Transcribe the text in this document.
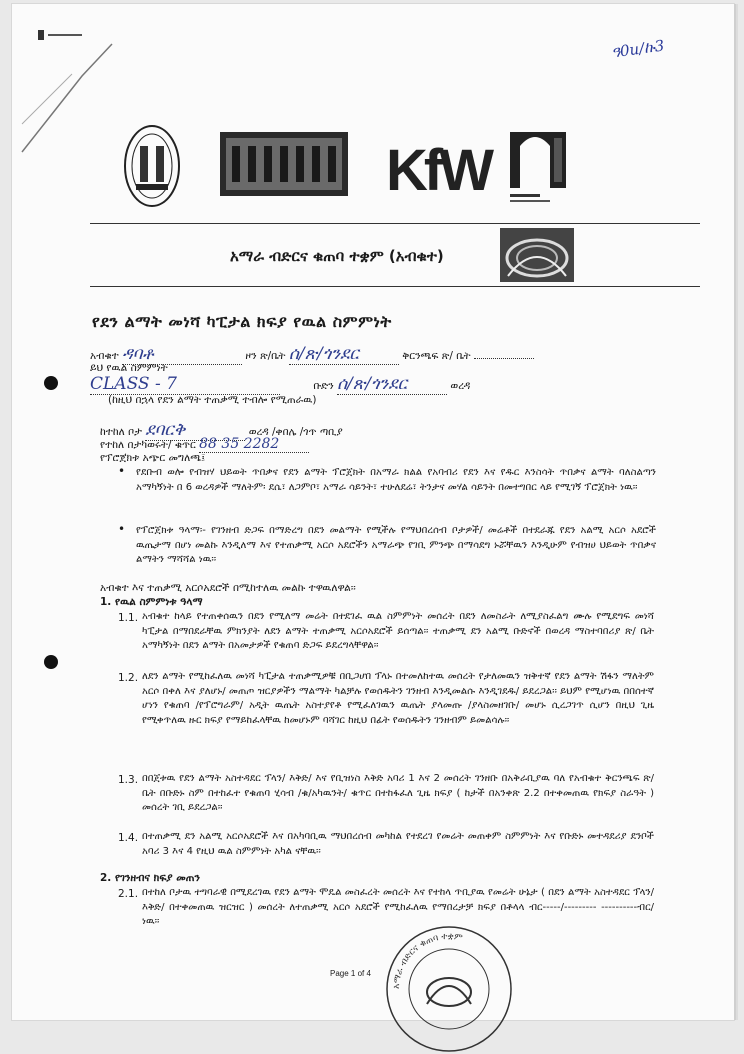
ዓ0u/ኩ3
KfW
አማራ ብድርና ቁጠባ ተቋም (አብቁተ)
የደን ልማት መነሻ ካፒታል ክፍያ የዉል ስምምነት
አብቁተ ዳባቶ	ዞን ጽ/ቤት ሰ/ጽ/ጎንደር	ቅርንጫፍ ጽ/ ቤት
ይህ የዉል ስምምነት
CLASS - 7	ቡድን ሰ/ጽ/ጎንደር	ወረዳ
(ከዚህ በኋላ የደን ልማት ተጠቃሚ ተብሎ የሚጠራዉ)
ከተከለ ቦታ ደባርቅ	ወረዳ /ቀበሌ /ጎጥ ጣቢያ
የተከለ በታካወሩት/ ቁጥር 88 35 2282
የፕሮጀክቱ አጭር መግለጫ፤
• የደቡብ ወሎ የብዝሃ ህይወት ጥበቃና የደን ልማት ፕሮጀክት በአማራ ክልል የአባብሪ የደን እና የዱር እንስሳት ጥበቃና ልማት ባለስልጣን አማካኝነት በ 6 ወረዳዎች ማለትም፡ ደሴ፣ ለጋምቦ፣ አማራ ሳይንት፣ ተሁለደሬ፣ ትንታና መሃል ሳይንት በመተግበር ላይ የሚገኝ ፕሮጀክት ነዉ፡፡
• የፕሮጀክቱ ዓላማ፡- የገንዘብ ድጋፍ በማድረግ በደን መልማት የሚችሉ የማህበረሰብ ቦታዎች/ መሬቶች በተደራጁ የደን አልሚ አርሶ አደሮች ዉጤታማ በሆነ መልኩ እንዲለማ እና የተጠቃሚ አርሶ አደሮችን አማራጭ የገቢ ምንጭ በማሳደግ ኑሯቸዉን እንዲሁም የብዝሀ ህይወት ጥበቃና ልማትን ማሻሻል ነዉ፡፡
አብቁተ እና ተጠቃሚ አርሶአደሮች በሚከተለዉ መልኩ ተዋዉለዋል፡፡
1. የዉል ስምምነቱ ዓላማ
1.1. አብቁተ ከላይ የተጠቀሰዉን በደን የሚለማ መሬት በተደገፈ ዉል ስምምነት መሰረት በደን ለመስራት ለሚያስፈልግ ሙሉ የሚደግፍ መነሻ ካፒታል በማበደራቸዉ ምክንያት ለደን ልማት ተጠቃሚ አርሶአደሮች ይሰጣል፡፡ ተጠቃሚ ደን አልሚ ቡድኖች በወረዳ ማስተባበሪያ ጽ/ ቤት አማካኝነት በደን ልማት በአመታዎች የቁጠባ ድጋፍ ይደረግላቸዋል፡፡
1.2. ለደን ልማት የሚከፈለዉ መነሻ ካፒታል ተጠቃሚዎቹ በቢጋሆበ ፕላኑ በተመለከተዉ መሰረት የታለመዉን ዝቅተኛ የደን ልማት ሽፋን ማለትም አርሶ በቀለ እና ያለሆኑ/ መጠጦ ዝርያዎችን ማልማት ካልቻሉ የወሰዱትን ገንዘብ እንዲመልሱ እንዲገደዱ/ ይደረጋል፡፡ ይህም የሚሆነዉ በበሰተኛ ሆነን የቁጠባ /የፕሮግራም/ አዲት ዉጤት አስተያየቶ የሚፈለገዉን ዉጤት ያላመጡ /ያላስመዘገቡ/ መሆኑ ሲረጋገጥ ሲሆን በዚህ ጊዜ የሚቀጥለዉ ዙር ክፍያ የማይከፈላቸዉ ከመሆኑም ባሻገር ከዚህ በፊት የወሰዱትን ገንዘብም ይመልሳሉ፡፡
1.3. በበጀቱዉ የደን ልማት አስተዳደር ፕላን/ እቅድ/ እና የቢዝነስ እቅድ አባሪ 1 እና 2 መሰረት ገንዘቡ በአቅራቢያዉ ባለ የአብቁተ ቅርንጫፍ ጽ/ቤት በቡድኑ ስም በተከፈተ የቁጠባ ሂሳብ /ቁ/አካዉንት/ ቁጥር በተከፋፈለ ጊዜ ክፍያ ( ከታች በአንቀጽ 2.2 በተቀመጠዉ የክፍያ ስራዓት ) መሰረት ገቢ ይደረጋል፡፡
1.4. በተጠቃሚ ደን አልሚ አርሶአደሮች እና በአካባቢዉ ማህበረሰብ መካከል የተደረገ የመሬት መጠቀም ስምምነት እና የቡድኑ መተዳደሪያ ደንቦች አባሪ 3 እና 4 የዚህ ዉል ስምምነት አካል ናቸዉ፡፡
2. የገንዘብና ክፍያ መጠን
2.1. በተከለ ቦታዉ ተግባራዊ በሚደረገዉ የደን ልማት ሞዴል መስፈረት መሰረት እና የተከላ ጥቢያዉ የመሬት ሁኔታ ( በደን ልማት አስተዳደር ፕላን/እቅድ/ በተቀመጠዉ ዝርዝር ) መሰረት ለተጠቃሚ አርሶ አደሮች የሚከፈለዉ የማበረታቻ ክፍያ በቶላላ ብር-----/--------- ----------ብር/ ነዉ፡፡
Page 1 of 4
አማራ ብድርና ቁጠባ ተቋም
